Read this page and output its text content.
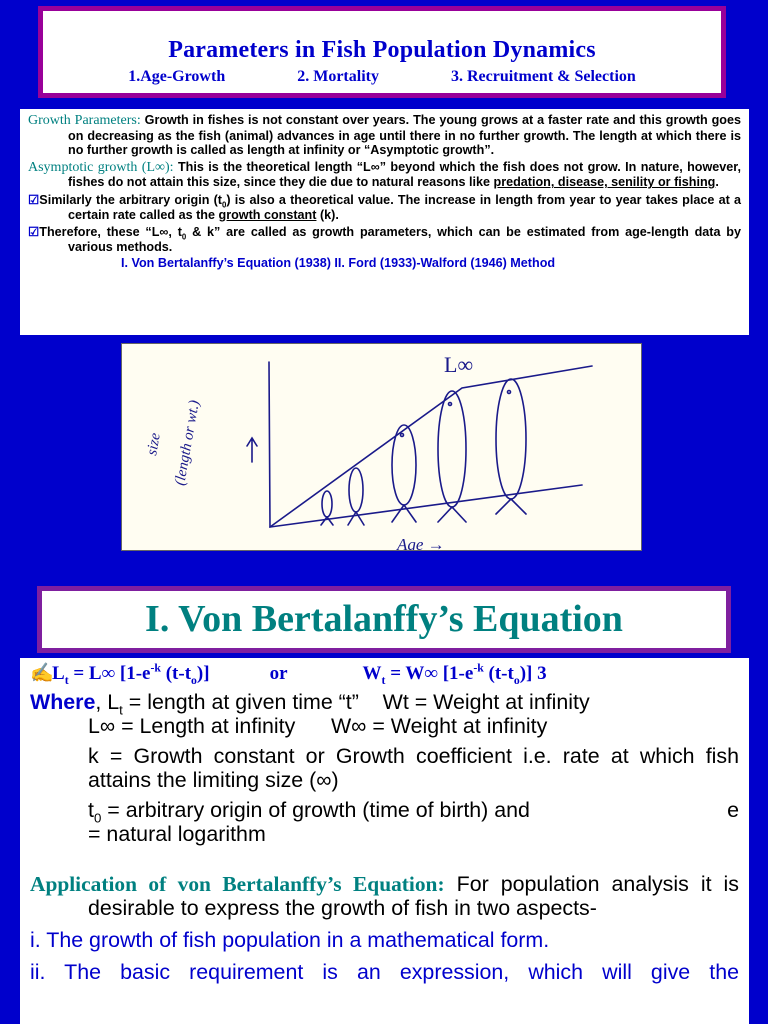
Parameters in Fish Population Dynamics
1.Age-Growth	2. Mortality	3. Recruitment & Selection
Growth Parameters: Growth in fishes is not constant over years. The young grows at a faster rate and this growth goes on decreasing as the fish (animal) advances in age until there in no further growth. The length at which there is no further growth is called as length at infinity or “Asymptotic growth”.
Asymptotic growth (L∞): This is the theoretical length “L∞” beyond which the fish does not grow. In nature, however, fishes do not attain this size, since they die due to natural reasons like predation, disease, senility or fishing.
☑Similarly the arbitrary origin $(t_0)$ is also a theoretical value. The increase in length from year to year takes place at a certain rate called as the growth constant (k).
☑Therefore, these “L∞, $t_0$ & k” are called as growth parameters, which can be estimated from age-length data by various methods.
I. Von Bertalanffy’s Equation (1938) II. Ford (1933)-Walford (1946) Method
L∞
size (length or wt.)
Age →
I. Von Bertalanffy’s Equation
✍
$L_t = L\infty$ [$1-e^{-k}$ $(t-t_o)$]	or	$W_t = W\infty$ [$1-e^{-k}$ $(t-t_o)$] 3
Where, $L_t$ = length at given time “t”    Wt = Weight at infinity
L∞ = Length at infinity      W∞ = Weight at infinity
k = Growth constant or Growth coefficient i.e. rate at which fish attains the limiting size (∞)
$t_0$ = arbitrary origin of growth (time of birth) and	e
= natural logarithm
Application of von Bertalanffy’s Equation: For population analysis it is desirable to express the growth of fish in two aspects-
i. The growth of fish population in a mathematical form.
ii. The basic requirement is an expression, which will give the
